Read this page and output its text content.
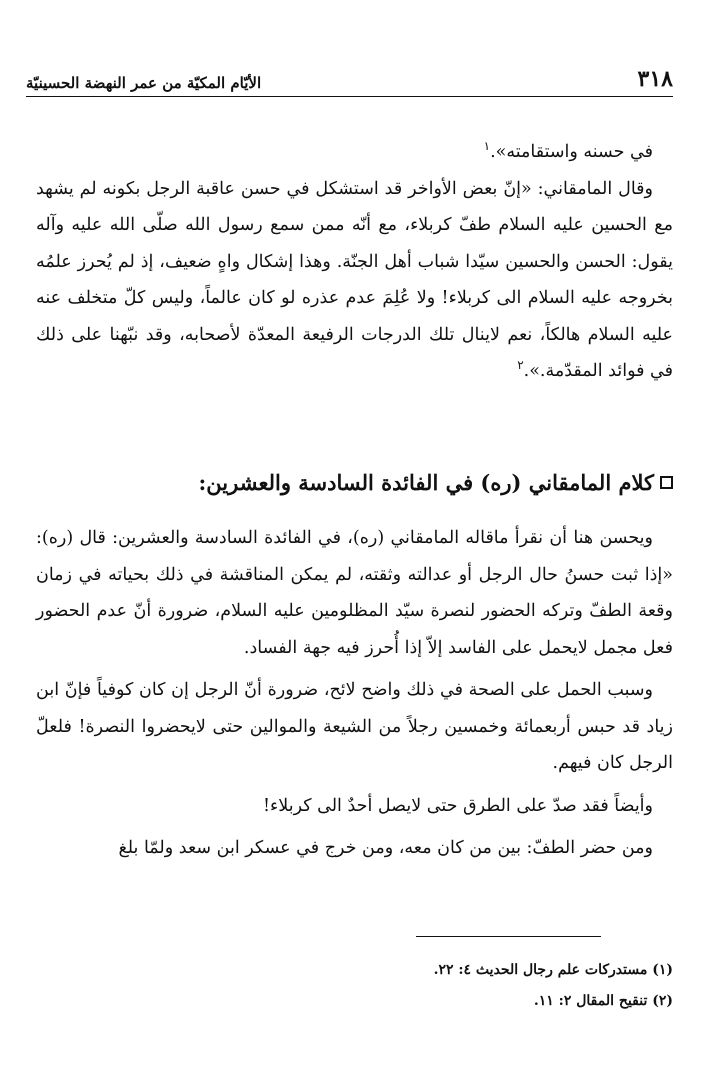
٣١٨
الأيّام المكيّة من عمر النهضة الحسينيّة

في حسنه واستقامته».$^١$

وقال المامقاني: «إنّ بعض الأواخر قد استشكل في حسن عاقبة الرجل بكونه لم يشهد مع الحسين عليه السلام طفّ كربلاء، مع أنّه ممن سمع رسول الله صلّى الله عليه وآله يقول: الحسن والحسين سيّدا شباب أهل الجنّة. وهذا إشكال واهٍ ضعيف، إذ لم يُحرز علمُه بخروجه عليه السلام الى كربلاء! ولا عُلِمَ عدم عذره لو كان عالماً، وليس كلّ متخلف عنه عليه السلام هالكاً، نعم لاينال تلك الدرجات الرفيعة المعدّة لأصحابه، وقد نبّهنا على ذلك في فوائد المقدّمة.».$^٢$

كلام المامقاني (ره) في الفائدة السادسة والعشرين:

ويحسن هنا أن نقرأ ماقاله المامقاني (ره)، في الفائدة السادسة والعشرين: قال (ره): «إذا ثبت حسنُ حال الرجل أو عدالته وثقته، لم يمكن المناقشة في ذلك بحياته في زمان وقعة الطفّ وتركه الحضور لنصرة سيّد المظلومين عليه السلام، ضرورة أنّ عدم الحضور فعل مجمل لايحمل على الفاسد إلاّ إذا أُحرز فيه جهة الفساد.

وسبب الحمل على الصحة في ذلك واضح لائح، ضرورة أنّ الرجل إن كان كوفياً فإنّ ابن زياد قد حبس أربعمائة وخمسين رجلاً من الشيعة والموالين حتى لايحضروا النصرة! فلعلّ الرجل كان فيهم.

وأيضاً فقد صدّ على الطرق حتى لايصل أحدٌ الى كربلاء!

ومن حضر الطفّ: بين من كان معه، ومن خرج في عسكر ابن سعد ولمّا بلغ

(١) مستدركات علم رجال الحديث ٤: ٢٢.
(٢) تنقيح المقال ٢: ١١.
